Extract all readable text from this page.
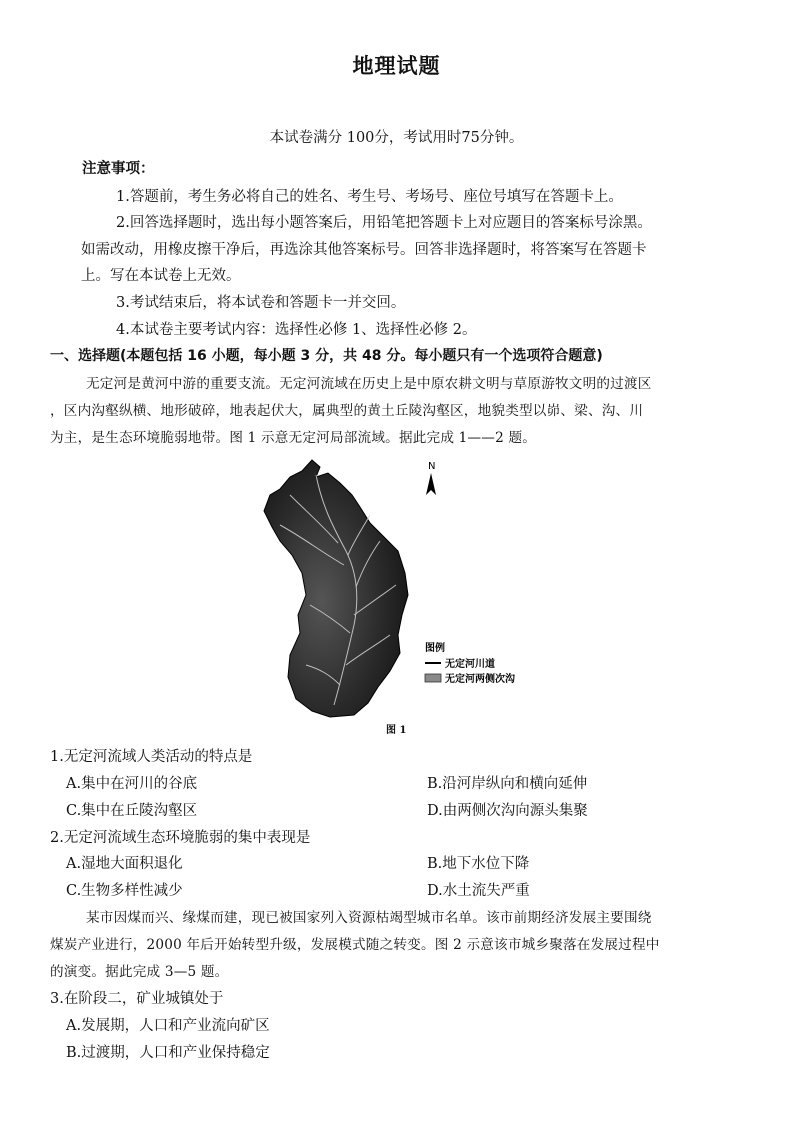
地理试题
本试卷满分 100分，考试用时75分钟。
注意事项：
1.答题前，考生务必将自己的姓名、考生号、考场号、座位号填写在答题卡上。
2.回答选择题时，选出每小题答案后，用铅笔把答题卡上对应题目的答案标号涂黑。
如需改动，用橡皮擦干净后，再选涂其他答案标号。回答非选择题时，将答案写在答题卡
上。写在本试卷上无效。
3.考试结束后，将本试卷和答题卡一并交回。
4.本试卷主要考试内容：选择性必修 1、选择性必修 2。
一、选择题(本题包括 16 小题，每小题 3 分，共 48 分。每小题只有一个选项符合题意)
无定河是黄河中游的重要支流。无定河流域在历史上是中原农耕文明与草原游牧文明的过渡区
，区内沟壑纵横、地形破碎，地表起伏大，属典型的黄土丘陵沟壑区，地貌类型以峁、梁、沟、川
为主，是生态环境脆弱地带。图 1 示意无定河局部流域。据此完成 1——2 题。
N
图例
无定河川道
无定河两侧次沟
图 1
1.无定河流域人类活动的特点是
A.集中在河川的谷底	B.沿河岸纵向和横向延伸
C.集中在丘陵沟壑区	D.由两侧次沟向源头集聚
2.无定河流域生态环境脆弱的集中表现是
A.湿地大面积退化	B.地下水位下降
C.生物多样性减少	D.水土流失严重
某市因煤而兴、缘煤而建，现已被国家列入资源枯竭型城市名单。该市前期经济发展主要围绕
煤炭产业进行，2000 年后开始转型升级，发展模式随之转变。图 2 示意该市城乡聚落在发展过程中
的演变。据此完成 3—5 题。
3.在阶段二，矿业城镇处于
A.发展期，人口和产业流向矿区
B.过渡期，人口和产业保持稳定
